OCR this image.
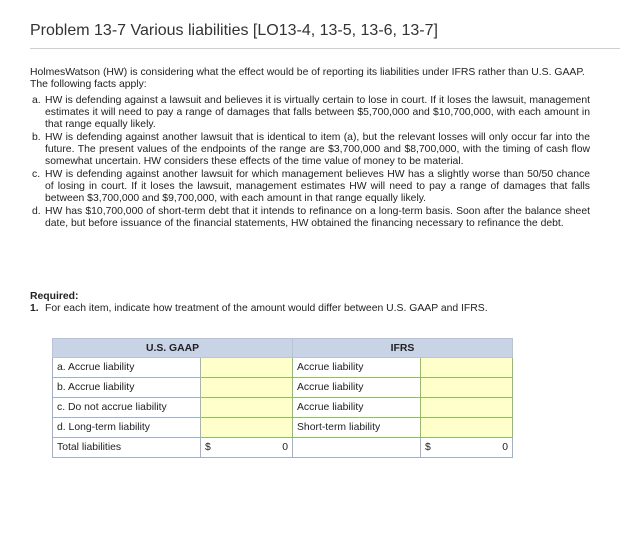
Problem 13-7 Various liabilities [LO13-4, 13-5, 13-6, 13-7]

HolmesWatson (HW) is considering what the effect would be of reporting its liabilities under IFRS rather than U.S. GAAP. The following facts apply:

a. HW is defending against a lawsuit and believes it is virtually certain to lose in court. If it loses the lawsuit, management estimates it will need to pay a range of damages that falls between $5,700,000 and $10,700,000, with each amount in that range equally likely.
b. HW is defending against another lawsuit that is identical to item (a), but the relevant losses will only occur far into the future. The present values of the endpoints of the range are $3,700,000 and $8,700,000, with the timing of cash flow somewhat uncertain. HW considers these effects of the time value of money to be material.
c. HW is defending against another lawsuit for which management believes HW has a slightly worse than 50/50 chance of losing in court. If it loses the lawsuit, management estimates HW will need to pay a range of damages that falls between $3,700,000 and $9,700,000, with each amount in that range equally likely.
d. HW has $10,700,000 of short-term debt that it intends to refinance on a long-term basis. Soon after the balance sheet date, but before issuance of the financial statements, HW obtained the financing necessary to refinance the debt.
Required:
1. For each item, indicate how treatment of the amount would differ between U.S. GAAP and IFRS.
U.S. GAAP		IFRS	
a. Accrue liability		Accrue liability	
b. Accrue liability		Accrue liability	
c. Do not accrue liability		Accrue liability	
d. Long-term liability		Short-term liability	
Total liabilities	$ 0		$ 0
